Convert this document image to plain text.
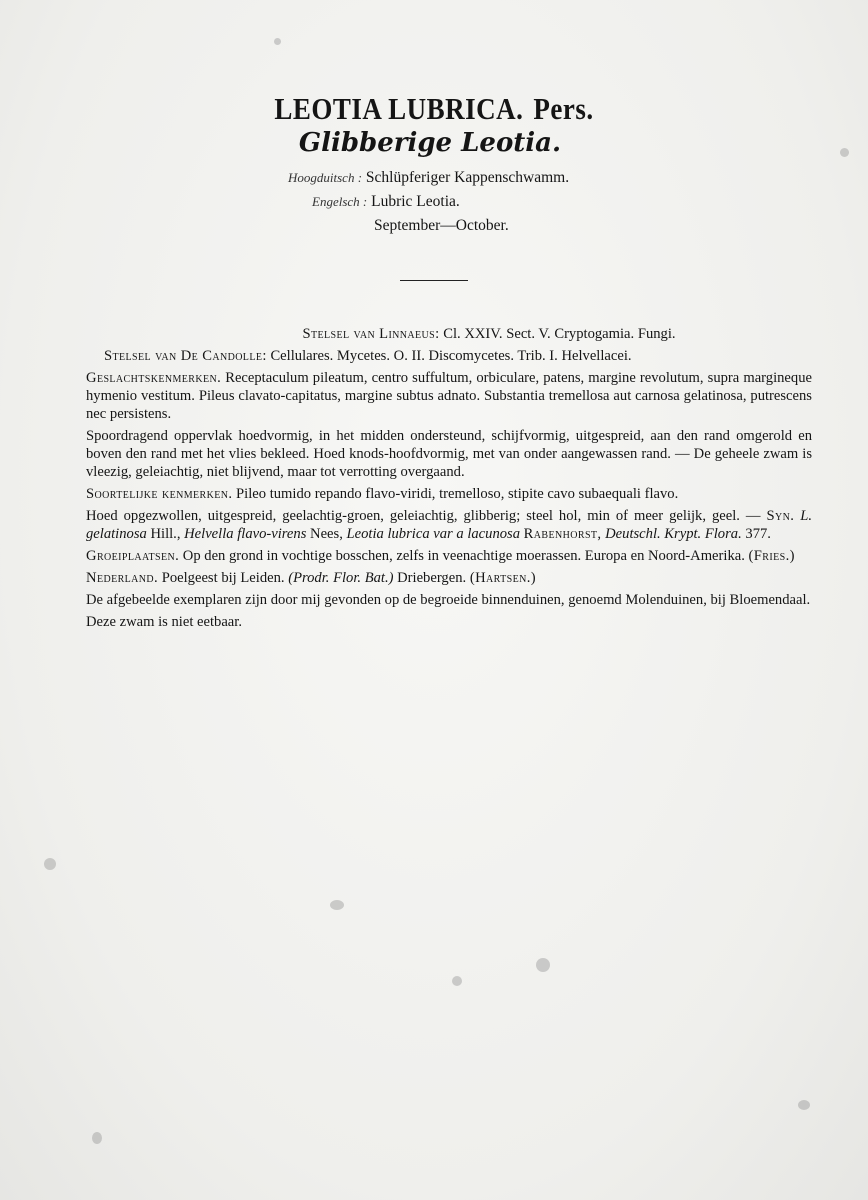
LEOTIA LUBRICA. Pers.
Glibberige Leotia.
Hoogduitsch : Schlüpferiger Kappenschwamm.
Engelsch : Lubric Leotia.
September—October.

Stelsel van Linnaeus: Cl. XXIV. Sect. V. Cryptogamia. Fungi.

Stelsel van De Candolle: Cellulares. Mycetes. O. II. Discomycetes. Trib. I. Helvellacei.

Geslachtskenmerken. Receptaculum pileatum, centro suffultum, orbiculare, patens, margine revolutum, supra margineque hymenio vestitum. Pileus clavato-capitatus, margine subtus adnato. Substantia tremellosa aut carnosa gelatinosa, putrescens nec persistens.

Spoordragend oppervlak hoedvormig, in het midden ondersteund, schijfvormig, uitgespreid, aan den rand omgerold en boven den rand met het vlies bekleed. Hoed knods-hoofdvormig, met van onder aangewassen rand. — De geheele zwam is vleezig, geleiachtig, niet blijvend, maar tot verrotting overgaand.

Soortelijke kenmerken. Pileo tumido repando flavo-viridi, tremelloso, stipite cavo subaequali flavo.

Hoed opgezwollen, uitgespreid, geelachtig-groen, geleiachtig, glibberig; steel hol, min of meer gelijk, geel. — Syn. L. gelatinosa Hill., Helvella flavo-virens Nees, Leotia lubrica var a lacunosa Rabenhorst, Deutschl. Krypt. Flora. 377.

Groeiplaatsen. Op den grond in vochtige bosschen, zelfs in veenachtige moerassen. Europa en Noord-Amerika. (Fries.)

Nederland. Poelgeest bij Leiden. (Prodr. Flor. Bat.) Driebergen. (Hartsen.)

De afgebeelde exemplaren zijn door mij gevonden op de begroeide binnenduinen, genoemd Molenduinen, bij Bloemendaal.

Deze zwam is niet eetbaar.
